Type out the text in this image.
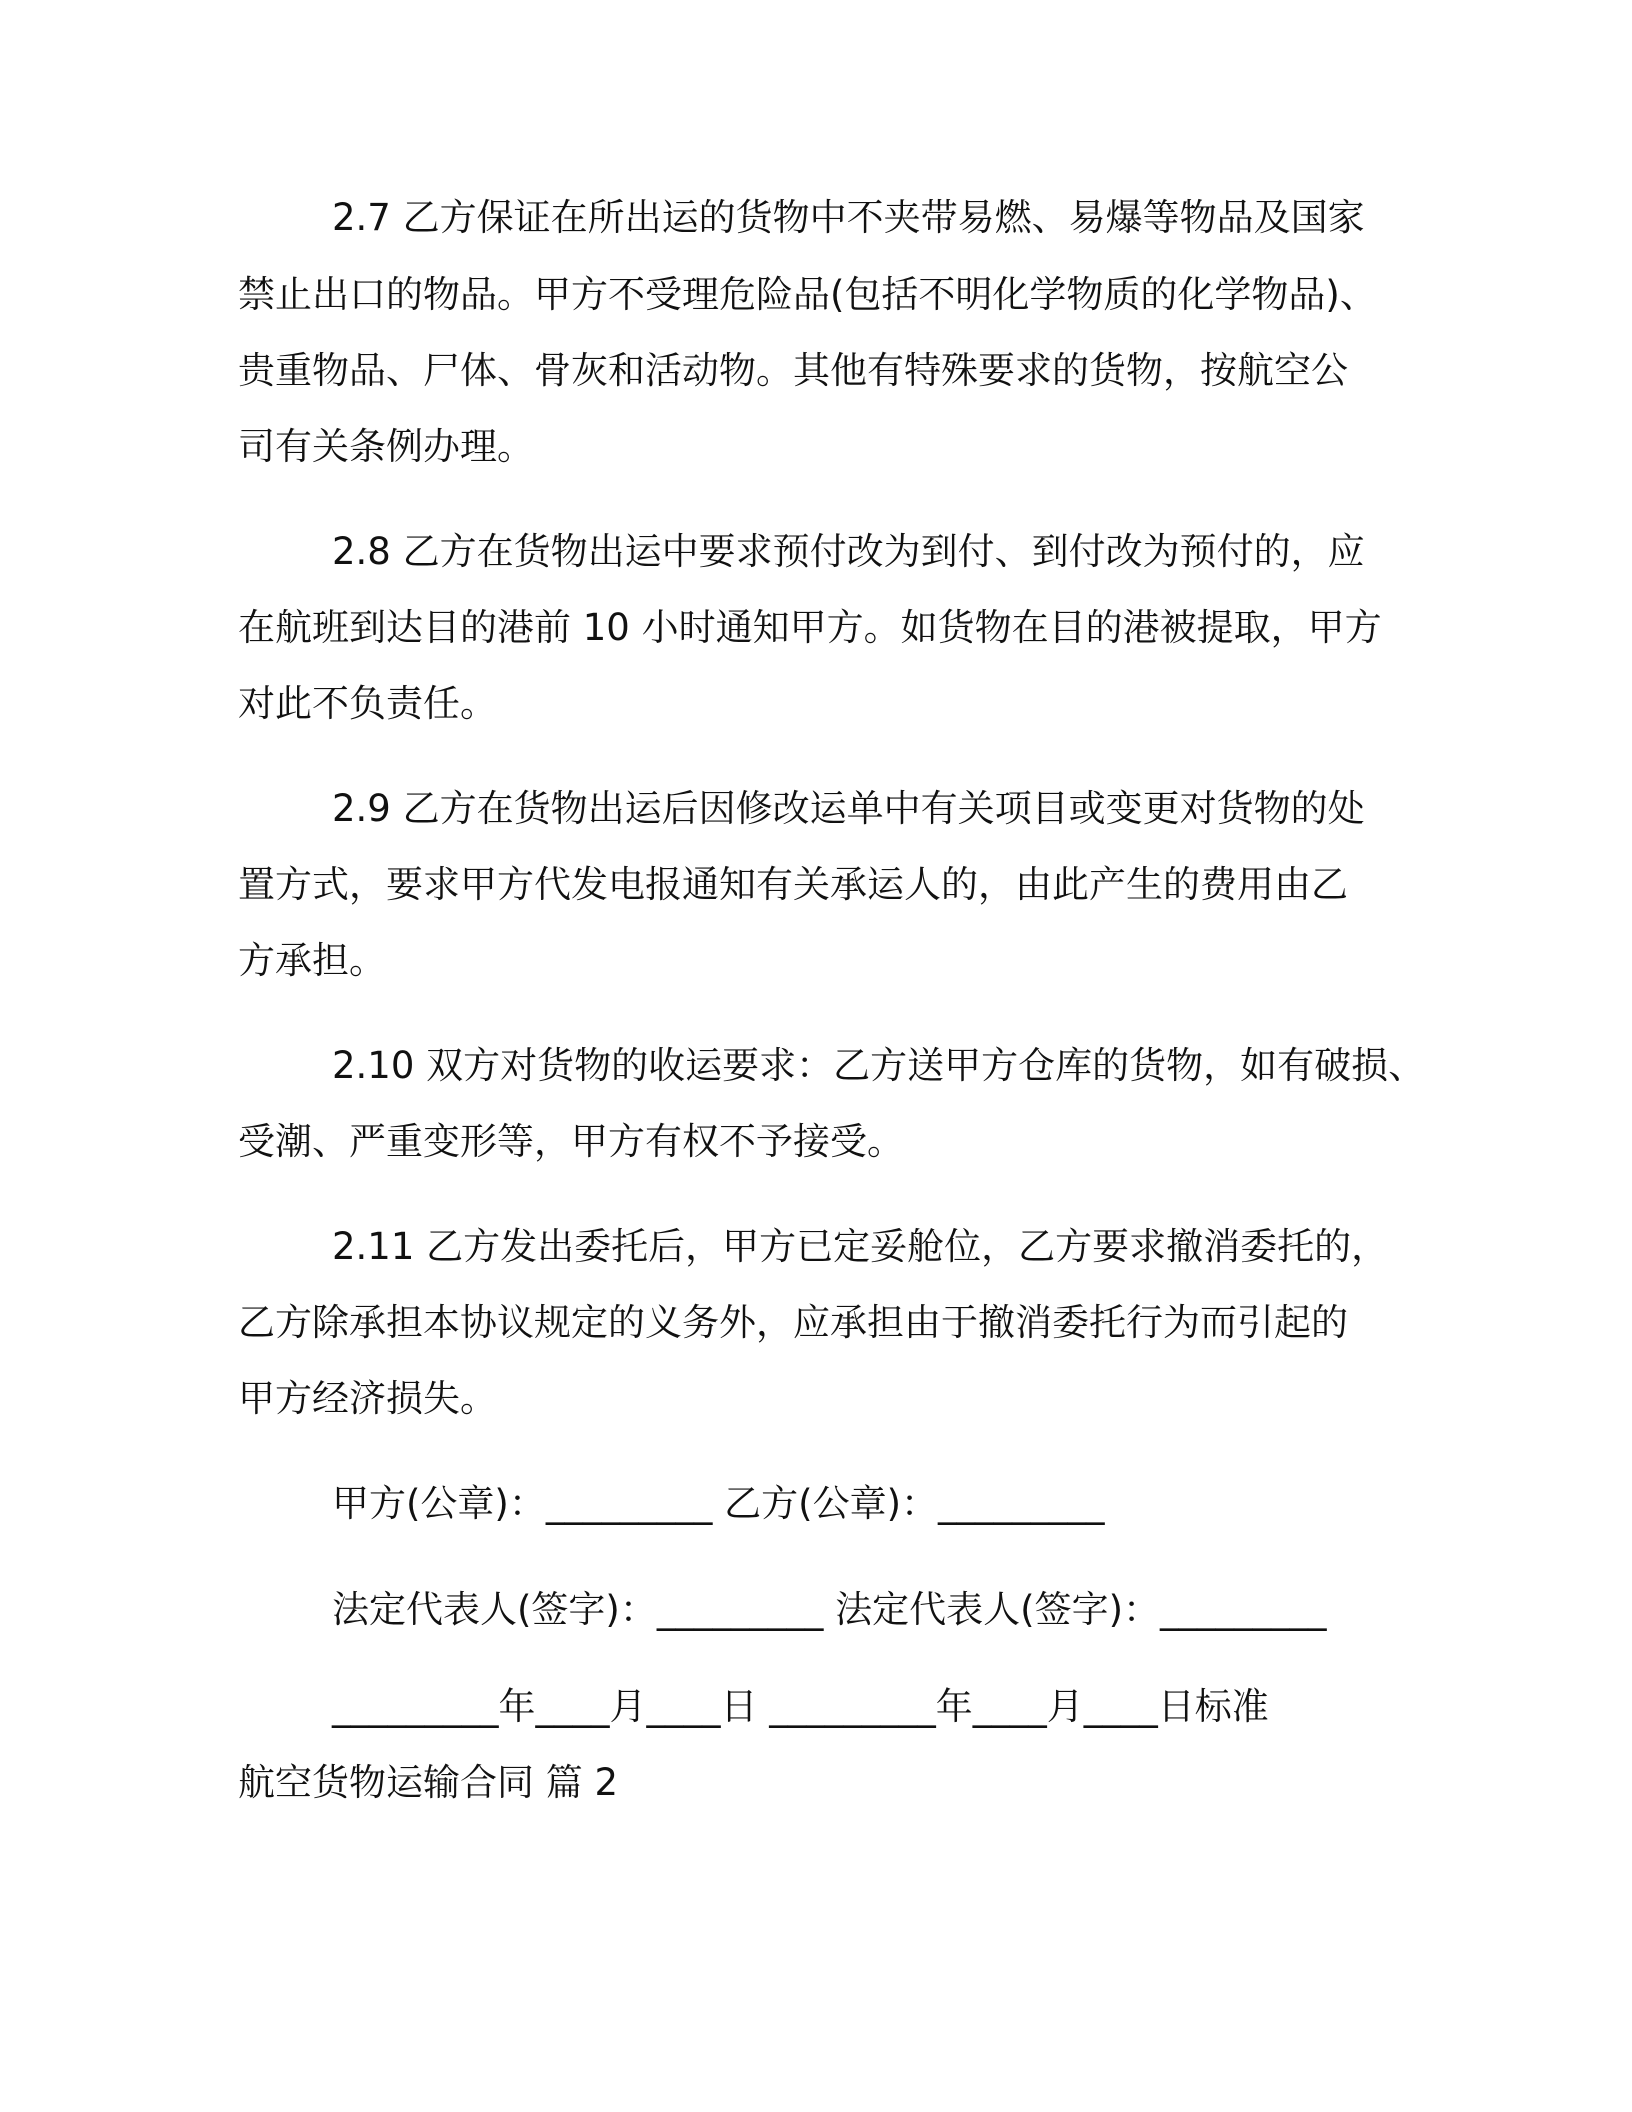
2.7 乙方保证在所出运的货物中不夹带易燃、易爆等物品及国家
禁止出口的物品。甲方不受理危险品(包括不明化学物质的化学物品)、
贵重物品、尸体、骨灰和活动物。其他有特殊要求的货物，按航空公
司有关条例办理。
2.8 乙方在货物出运中要求预付改为到付、到付改为预付的，应
在航班到达目的港前 10 小时通知甲方。如货物在目的港被提取，甲方
对此不负责任。
2.9 乙方在货物出运后因修改运单中有关项目或变更对货物的处
置方式，要求甲方代发电报通知有关承运人的，由此产生的费用由乙
方承担。
2.10 双方对货物的收运要求：乙方送甲方仓库的货物，如有破损、
受潮、严重变形等，甲方有权不予接受。
2.11 乙方发出委托后，甲方已定妥舱位，乙方要求撤消委托的，
乙方除承担本协议规定的义务外，应承担由于撤消委托行为而引起的
甲方经济损失。
甲方(公章)：_________ 乙方(公章)：_________
法定代表人(签字)：_________ 法定代表人(签字)：_________
_________年____月____日 _________年____月____日标准
航空货物运输合同 篇 2
